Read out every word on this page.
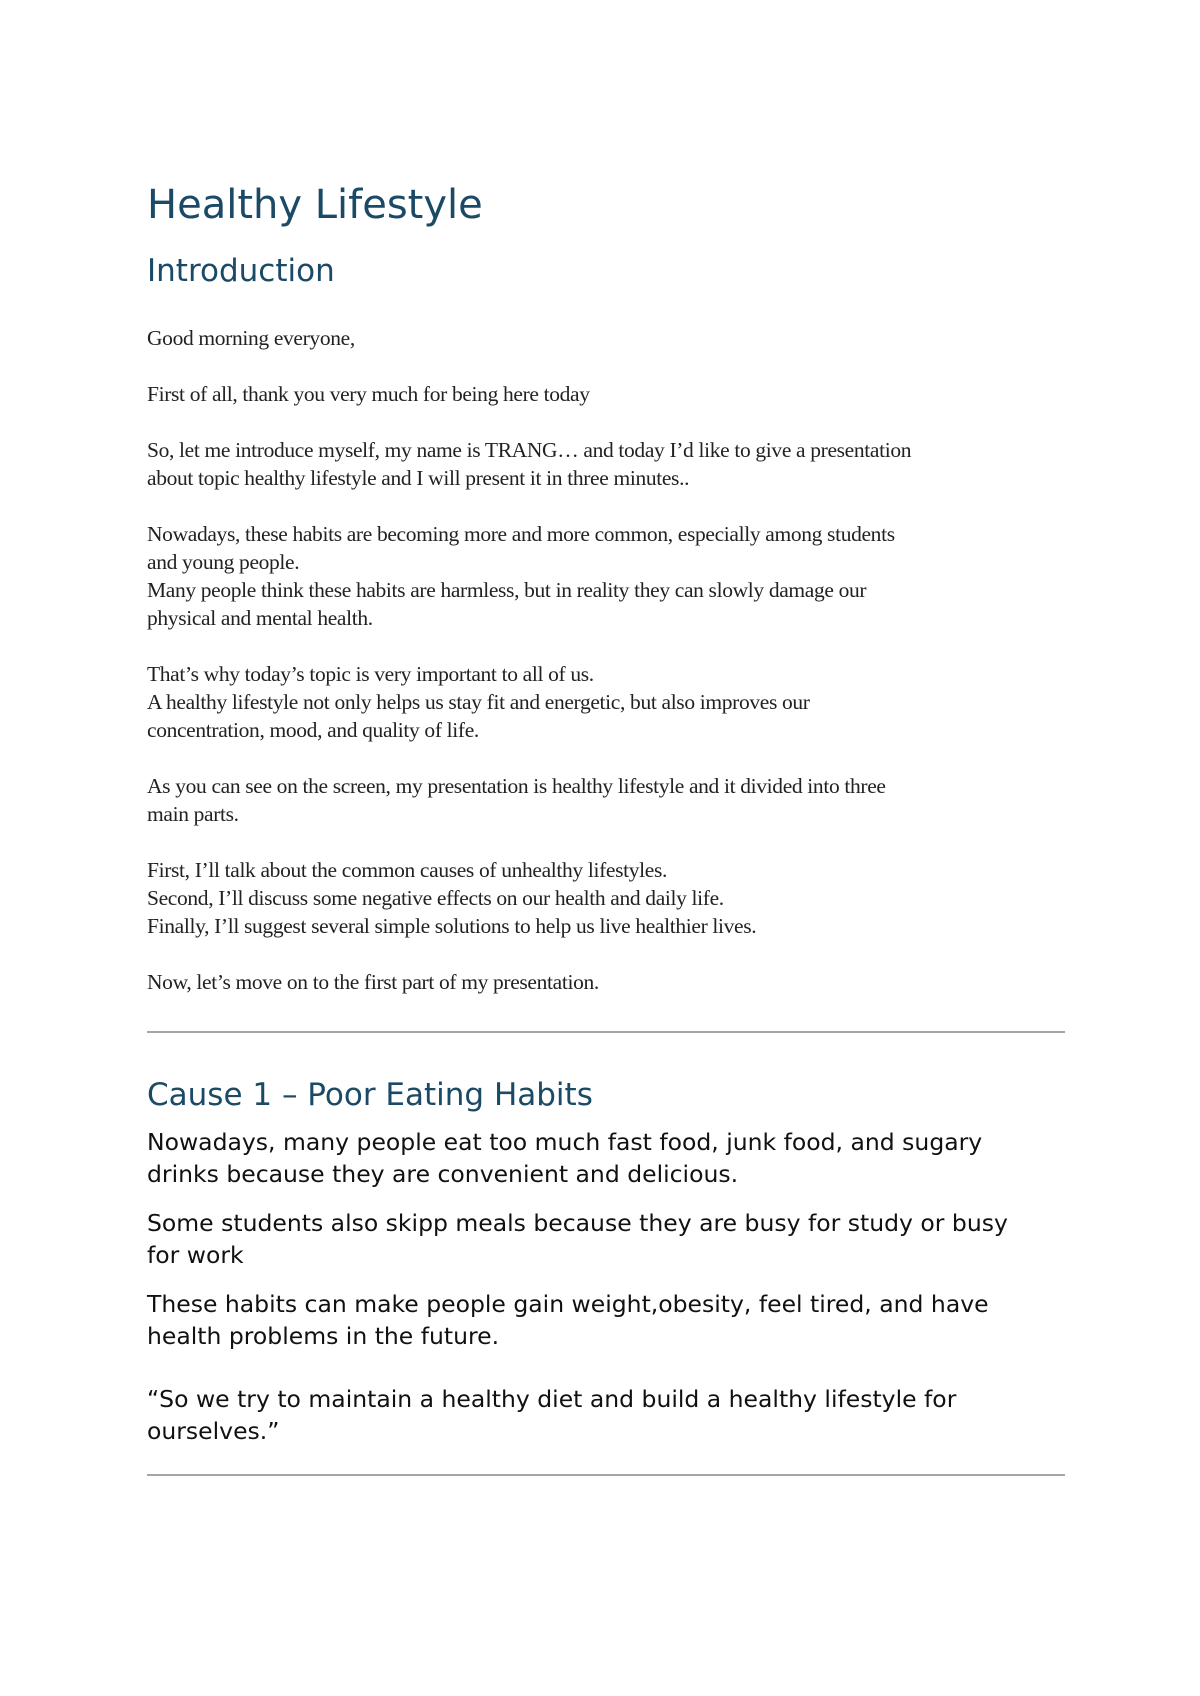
Healthy Lifestyle
Introduction

Good morning everyone,

First of all, thank you very much for being here today

So, let me introduce myself, my name is TRANG… and today I’d like to give a presentation
about topic healthy lifestyle and I will present it in three minutes..

Nowadays, these habits are becoming more and more common, especially among students
and young people.
Many people think these habits are harmless, but in reality they can slowly damage our
physical and mental health.

That’s why today’s topic is very important to all of us.
A healthy lifestyle not only helps us stay fit and energetic, but also improves our
concentration, mood, and quality of life.

As you can see on the screen, my presentation is healthy lifestyle and it divided into three
main parts.

First, I’ll talk about the common causes of unhealthy lifestyles.
Second, I’ll discuss some negative effects on our health and daily life.
Finally, I’ll suggest several simple solutions to help us live healthier lives.

Now, let’s move on to the first part of my presentation.

Cause 1 – Poor Eating Habits

Nowadays, many people eat too much fast food, junk food, and sugary
drinks because they are convenient and delicious.

Some students also skipp meals because they are busy for study or busy
for work

These habits can make people gain weight,obesity, feel tired, and have
health problems in the future.

“So we try to maintain a healthy diet and build a healthy lifestyle for
ourselves.”
